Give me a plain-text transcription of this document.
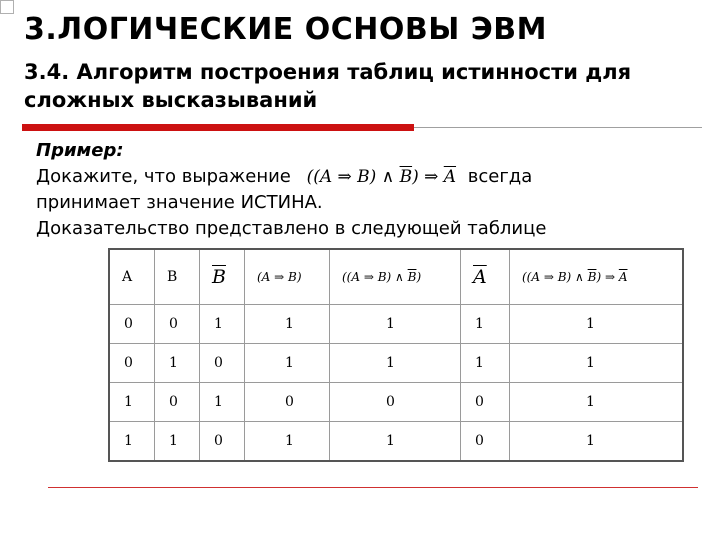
3.ЛОГИЧЕСКИЕ ОСНОВЫ ЭВМ
3.4. Алгоритм построения таблиц истинности для сложных высказываний
Пример:
Докажите, что выражение ((A ⇒ B) ∧ $\overline{B}$) ⇒ $\overline{A}$ всегда
принимает значение ИСТИНА.
Доказательство представлено в следующей таблице
A	B	$\overline{B}$	(A ⇒ B)	((A ⇒ B) ∧ $\overline{B}$)	$\overline{A}$	((A ⇒ B) ∧ $\overline{B}$) ⇒ $\overline{A}$
0	0	1	1	1	1	1
0	1	0	1	1	1	1
1	0	1	0	0	0	1
1	1	0	1	1	0	1
